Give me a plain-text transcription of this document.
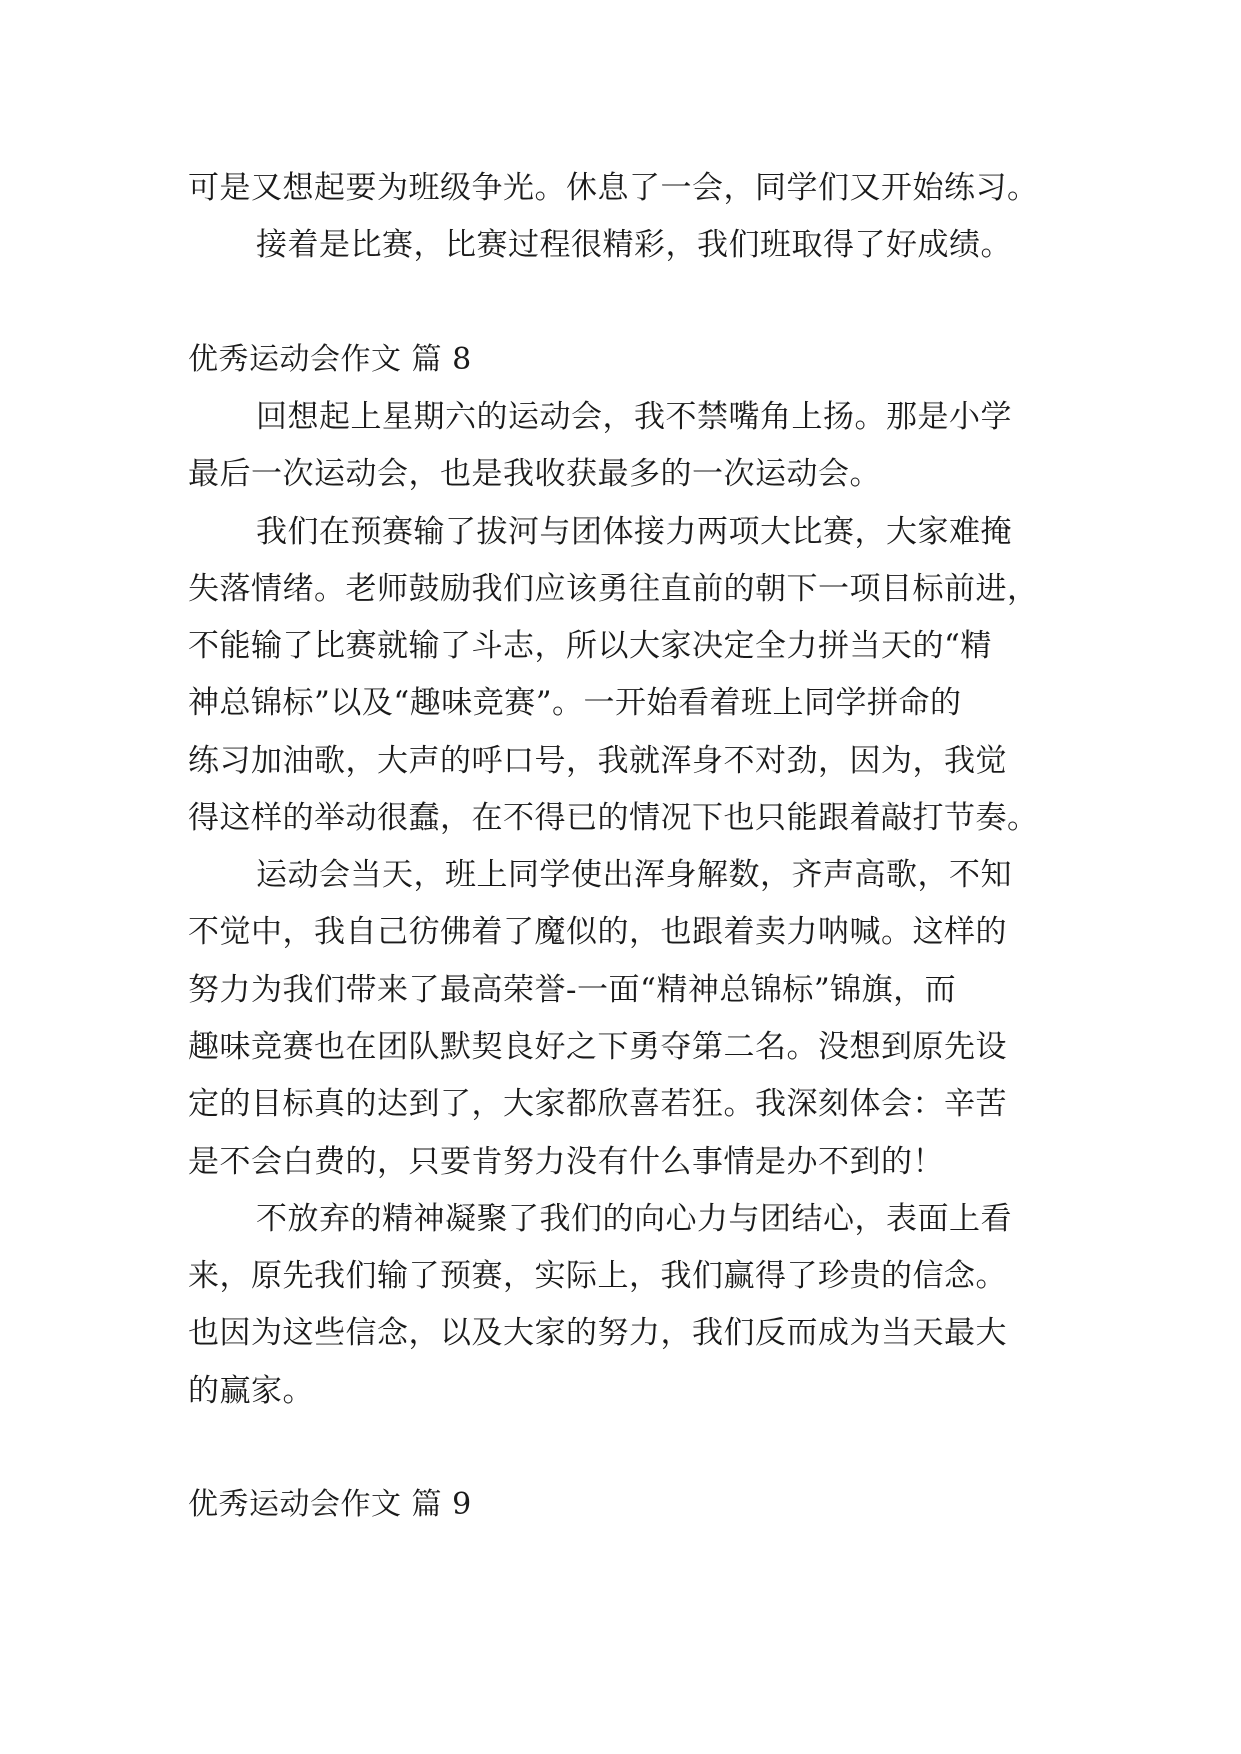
可是又想起要为班级争光。休息了一会，同学们又开始练习。
接着是比赛，比赛过程很精彩，我们班取得了好成绩。
优秀运动会作文 篇 8
回想起上星期六的运动会，我不禁嘴角上扬。那是小学
最后一次运动会，也是我收获最多的一次运动会。
我们在预赛输了拔河与团体接力两项大比赛，大家难掩
失落情绪。老师鼓励我们应该勇往直前的朝下一项目标前进，
不能输了比赛就输了斗志，所以大家决定全力拼当天的“精
神总锦标”以及“趣味竞赛”。一开始看着班上同学拼命的
练习加油歌，大声的呼口号，我就浑身不对劲，因为，我觉
得这样的举动很蠢，在不得已的情况下也只能跟着敲打节奏。
运动会当天，班上同学使出浑身解数，齐声高歌，不知
不觉中，我自己彷佛着了魔似的，也跟着卖力呐喊。这样的
努力为我们带来了最高荣誉-一面“精神总锦标”锦旗，而
趣味竞赛也在团队默契良好之下勇夺第二名。没想到原先设
定的目标真的达到了，大家都欣喜若狂。我深刻体会：辛苦
是不会白费的，只要肯努力没有什么事情是办不到的！
不放弃的精神凝聚了我们的向心力与团结心，表面上看
来，原先我们输了预赛，实际上，我们赢得了珍贵的信念。
也因为这些信念，以及大家的努力，我们反而成为当天最大
的赢家。
优秀运动会作文 篇 9
